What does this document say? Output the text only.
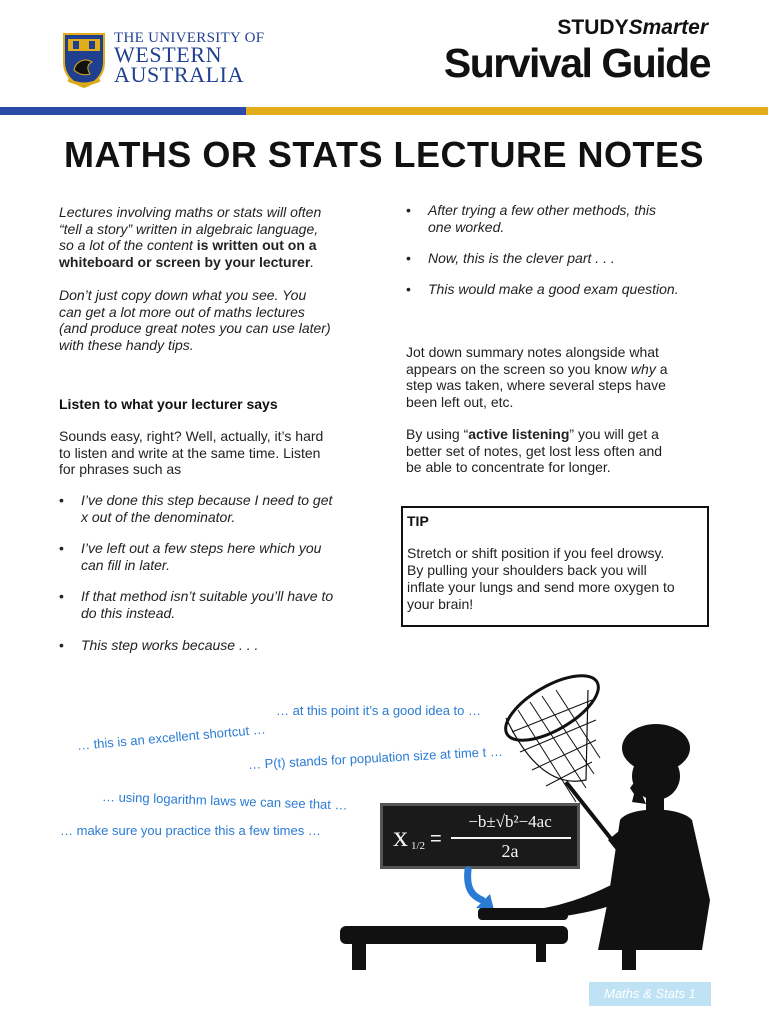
THE UNIVERSITY OF
WESTERN
AUSTRALIA
STUDYSmarter
Survival Guide
MATHS OR STATS LECTURE NOTES
Lectures involving maths or stats will often
“tell a story” written in algebraic language,
so a lot of the content is written out on a
whiteboard or screen by your lecturer.
Don’t just copy down what you see. You
can get a lot more out of maths lectures
(and produce great notes you can use later)
with these handy tips.
Listen to what your lecturer says
Sounds easy, right? Well, actually, it’s hard
to listen and write at the same time. Listen
for phrases such as
• I’ve done this step because I need to get
x out of the denominator.
• I’ve left out a few steps here which you
can fill in later.
• If that method isn’t suitable you’ll have to
do this instead.
• This step works because . . .
• After trying a few other methods, this
one worked.
• Now, this is the clever part . . .
• This would make a good exam question.
Jot down summary notes alongside what
appears on the screen so you know why a
step was taken, where several steps have
been left out, etc.
By using “active listening” you will get a
better set of notes, get lost less often and
be able to concentrate for longer.
TIP
Stretch or shift position if you feel drowsy.
By pulling your shoulders back you will
inflate your lungs and send more oxygen to
your brain!
… at this point it’s a good idea to …
… this is an excellent shortcut …
… P(t) stands for population size at time t …
… using logarithm laws we can see that …
… make sure you practice this a few times … x 1/2 =
−b±√b²−4ac
2a
Maths & Stats 1
